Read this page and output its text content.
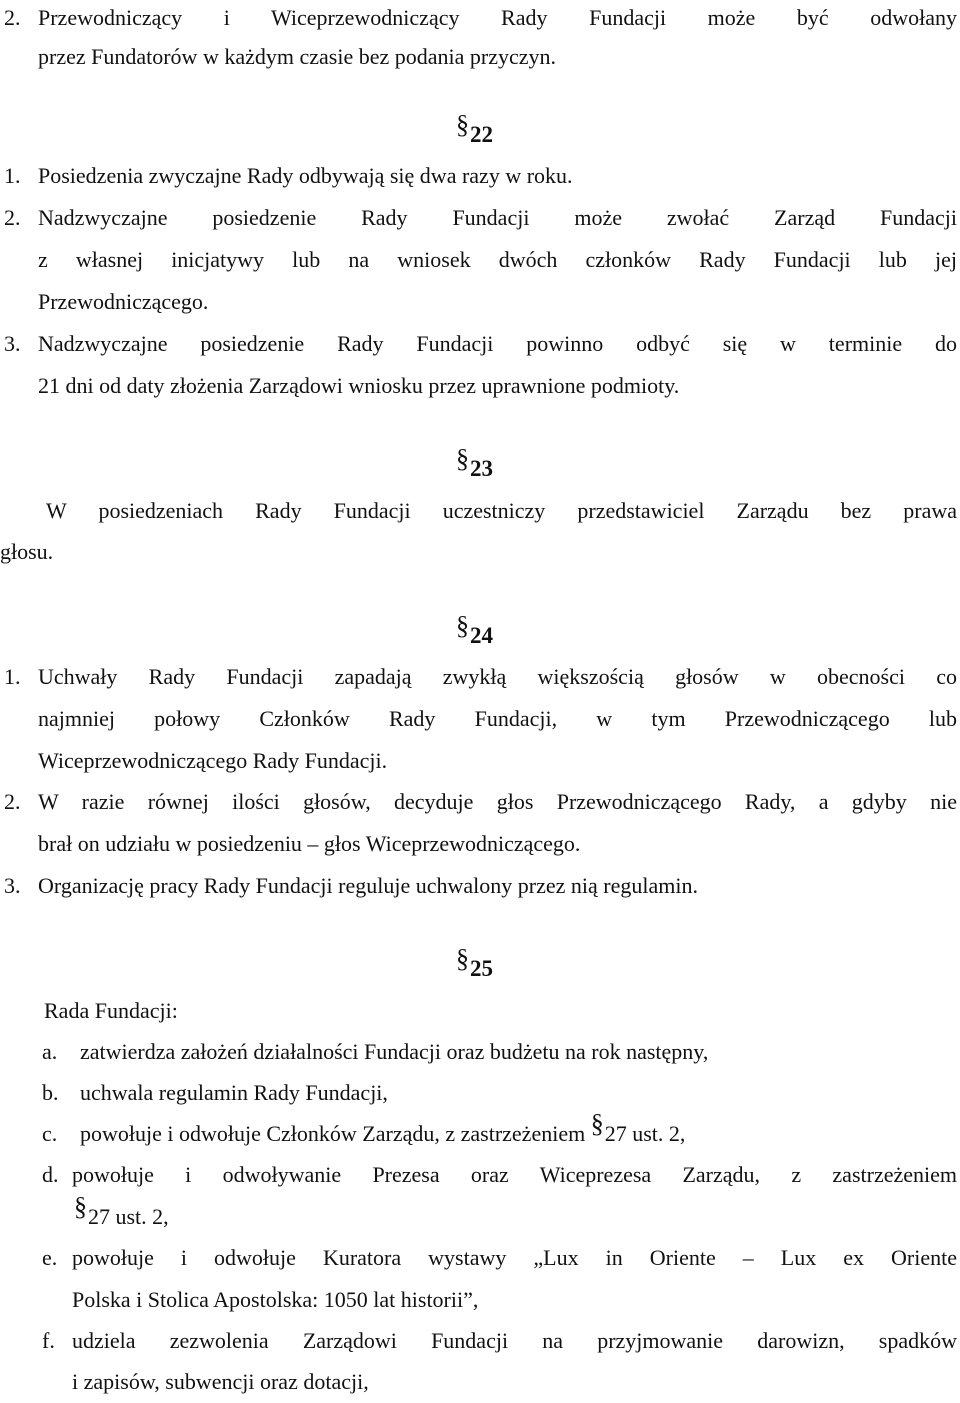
2. Przewodniczący i Wiceprzewodniczący Rady Fundacji może być odwołany
przez Fundatorów w każdym czasie bez podania przyczyn.
§22
1. Posiedzenia zwyczajne Rady odbywają się dwa razy w roku.
2. Nadzwyczajne posiedzenie Rady Fundacji może zwołać Zarząd Fundacji
z własnej inicjatywy lub na wniosek dwóch członków Rady Fundacji lub jej
Przewodniczącego.
3. Nadzwyczajne posiedzenie Rady Fundacji powinno odbyć się w terminie do
21 dni od daty złożenia Zarządowi wniosku przez uprawnione podmioty.
§23
W posiedzeniach Rady Fundacji uczestniczy przedstawiciel Zarządu bez prawa
głosu.
§24
1. Uchwały Rady Fundacji zapadają zwykłą większością głosów w obecności co
najmniej połowy Członków Rady Fundacji, w tym Przewodniczącego lub
Wiceprzewodniczącego Rady Fundacji.
2. W razie równej ilości głosów, decyduje głos Przewodniczącego Rady, a gdyby nie
brał on udziału w posiedzeniu – głos Wiceprzewodniczącego.
3. Organizację pracy Rady Fundacji reguluje uchwalony przez nią regulamin.
§25
Rada Fundacji:
a. zatwierdza założeń działalności Fundacji oraz budżetu na rok następny,
b. uchwala regulamin Rady Fundacji,
c. powołuje i odwołuje Członków Zarządu, z zastrzeżeniem §27 ust. 2,
d. powołuje i odwoływanie Prezesa oraz Wiceprezesa Zarządu, z zastrzeżeniem
§27 ust. 2,
e. powołuje i odwołuje Kuratora wystawy „Lux in Oriente – Lux ex Oriente
Polska i Stolica Apostolska: 1050 lat historii”,
f. udziela zezwolenia Zarządowi Fundacji na przyjmowanie darowizn, spadków
i zapisów, subwencji oraz dotacji,
